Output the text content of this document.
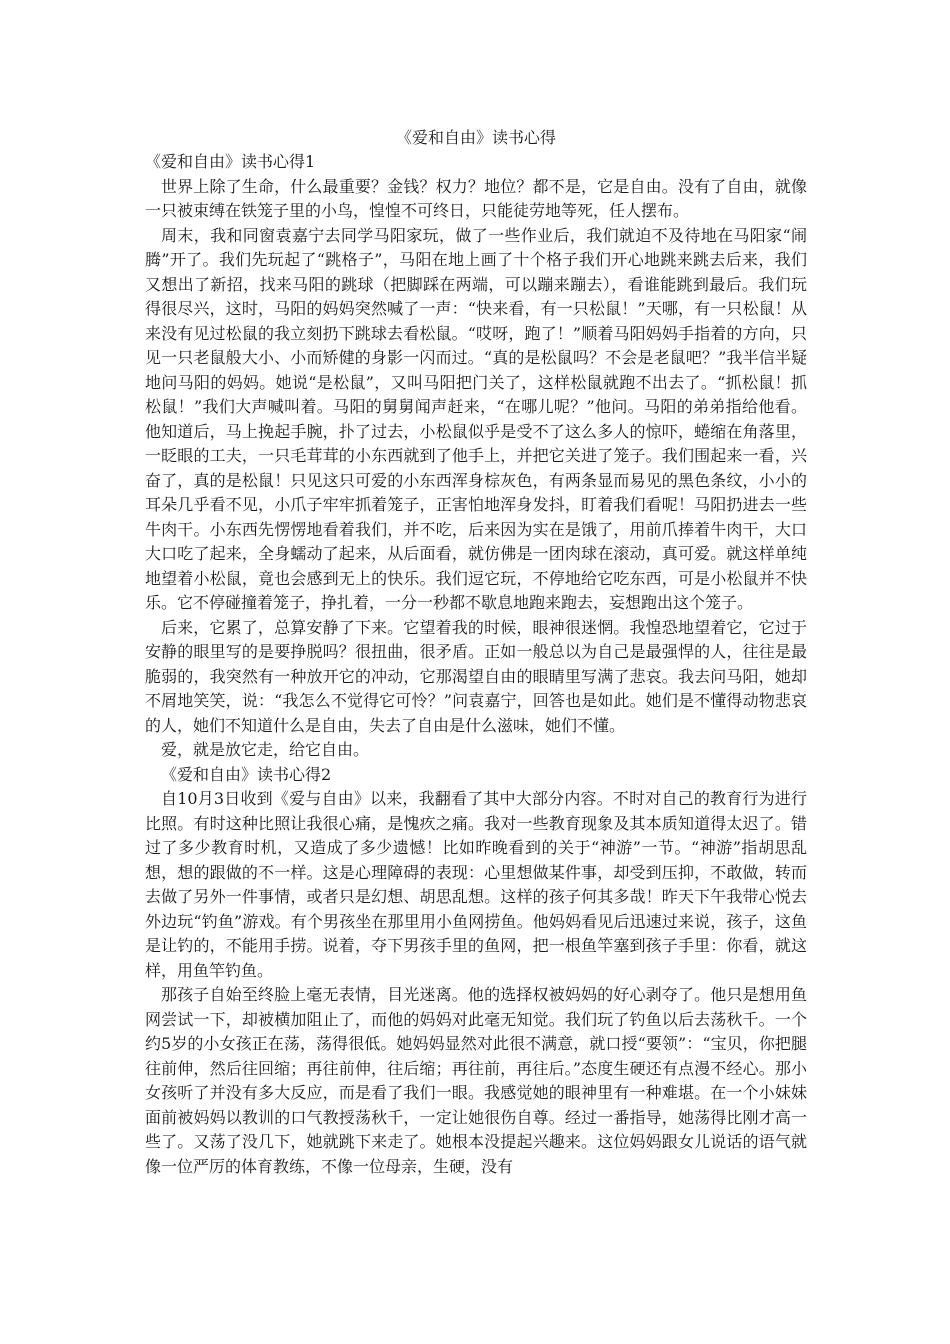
《爱和自由》读书心得

《爱和自由》读书心得1

世界上除了生命，什么最重要？金钱？权力？地位？都不是，它是自由。没有了自由，就像一只被束缚在铁笼子里的小鸟，惶惶不可终日，只能徒劳地等死，任人摆布。

周末，我和同窗袁嘉宁去同学马阳家玩，做了一些作业后，我们就迫不及待地在马阳家“闹腾”开了。我们先玩起了“跳格子”，马阳在地上画了十个格子我们开心地跳来跳去后来，我们又想出了新招，找来马阳的跳球（把脚踩在两端，可以蹦来蹦去），看谁能跳到最后。我们玩得很尽兴，这时，马阳的妈妈突然喊了一声：“快来看，有一只松鼠！”天哪，有一只松鼠！从来没有见过松鼠的我立刻扔下跳球去看松鼠。“哎呀，跑了！”顺着马阳妈妈手指着的方向，只见一只老鼠般大小、小而矫健的身影一闪而过。“真的是松鼠吗？不会是老鼠吧？”我半信半疑地问马阳的妈妈。她说“是松鼠”，又叫马阳把门关了，这样松鼠就跑不出去了。“抓松鼠！抓松鼠！”我们大声喊叫着。马阳的舅舅闻声赶来，“在哪儿呢？”他问。马阳的弟弟指给他看。他知道后，马上挽起手腕，扑了过去，小松鼠似乎是受不了这么多人的惊吓，蜷缩在角落里，一眨眼的工夫，一只毛茸茸的小东西就到了他手上，并把它关进了笼子。我们围起来一看，兴奋了，真的是松鼠！只见这只可爱的小东西浑身棕灰色，有两条显而易见的黑色条纹，小小的耳朵几乎看不见，小爪子牢牢抓着笼子，正害怕地浑身发抖，盯着我们看呢！马阳扔进去一些牛肉干。小东西先愣愣地看着我们，并不吃，后来因为实在是饿了，用前爪捧着牛肉干，大口大口吃了起来，全身蠕动了起来，从后面看，就仿佛是一团肉球在滚动，真可爱。就这样单纯地望着小松鼠，竟也会感到无上的快乐。我们逗它玩，不停地给它吃东西，可是小松鼠并不快乐。它不停碰撞着笼子，挣扎着，一分一秒都不歇息地跑来跑去，妄想跑出这个笼子。

后来，它累了，总算安静了下来。它望着我的时候，眼神很迷惘。我惶恐地望着它，它过于安静的眼里写的是要挣脱吗？很扭曲，很矛盾。正如一般总以为自己是最强悍的人，往往是最脆弱的，我突然有一种放开它的冲动，它那渴望自由的眼睛里写满了悲哀。我去问马阳，她却不屑地笑笑，说：“我怎么不觉得它可怜？”问袁嘉宁，回答也是如此。她们是不懂得动物悲哀的人，她们不知道什么是自由，失去了自由是什么滋味，她们不懂。

爱，就是放它走，给它自由。

《爱和自由》读书心得2

自10月3日收到《爱与自由》以来，我翻看了其中大部分内容。不时对自己的教育行为进行比照。有时这种比照让我很心痛，是愧疚之痛。我对一些教育现象及其本质知道得太迟了。错过了多少教育时机，又造成了多少遗憾！比如昨晚看到的关于“神游”一节。“神游”指胡思乱想，想的跟做的不一样。这是心理障碍的表现：心里想做某件事，却受到压抑，不敢做，转而去做了另外一件事情，或者只是幻想、胡思乱想。这样的孩子何其多哉！昨天下午我带心悦去外边玩“钓鱼”游戏。有个男孩坐在那里用小鱼网捞鱼。他妈妈看见后迅速过来说，孩子，这鱼是让钓的，不能用手捞。说着，夺下男孩手里的鱼网，把一根鱼竿塞到孩子手里：你看，就这样，用鱼竿钓鱼。

那孩子自始至终脸上毫无表情，目光迷离。他的选择权被妈妈的好心剥夺了。他只是想用鱼网尝试一下，却被横加阻止了，而他的妈妈对此毫无知觉。我们玩了钓鱼以后去荡秋千。一个约5岁的小女孩正在荡，荡得很低。她妈妈显然对此很不满意，就口授“要领”：“宝贝，你把腿往前伸，然后往回缩；再往前伸，往后缩；再往前，再往后。”态度生硬还有点漫不经心。那小女孩听了并没有多大反应，而是看了我们一眼。我感觉她的眼神里有一种难堪。在一个小妹妹面前被妈妈以教训的口气教授荡秋千，一定让她很伤自尊。经过一番指导，她荡得比刚才高一些了。又荡了没几下，她就跳下来走了。她根本没提起兴趣来。这位妈妈跟女儿说话的语气就像一位严厉的体育教练，不像一位母亲，生硬，没有
